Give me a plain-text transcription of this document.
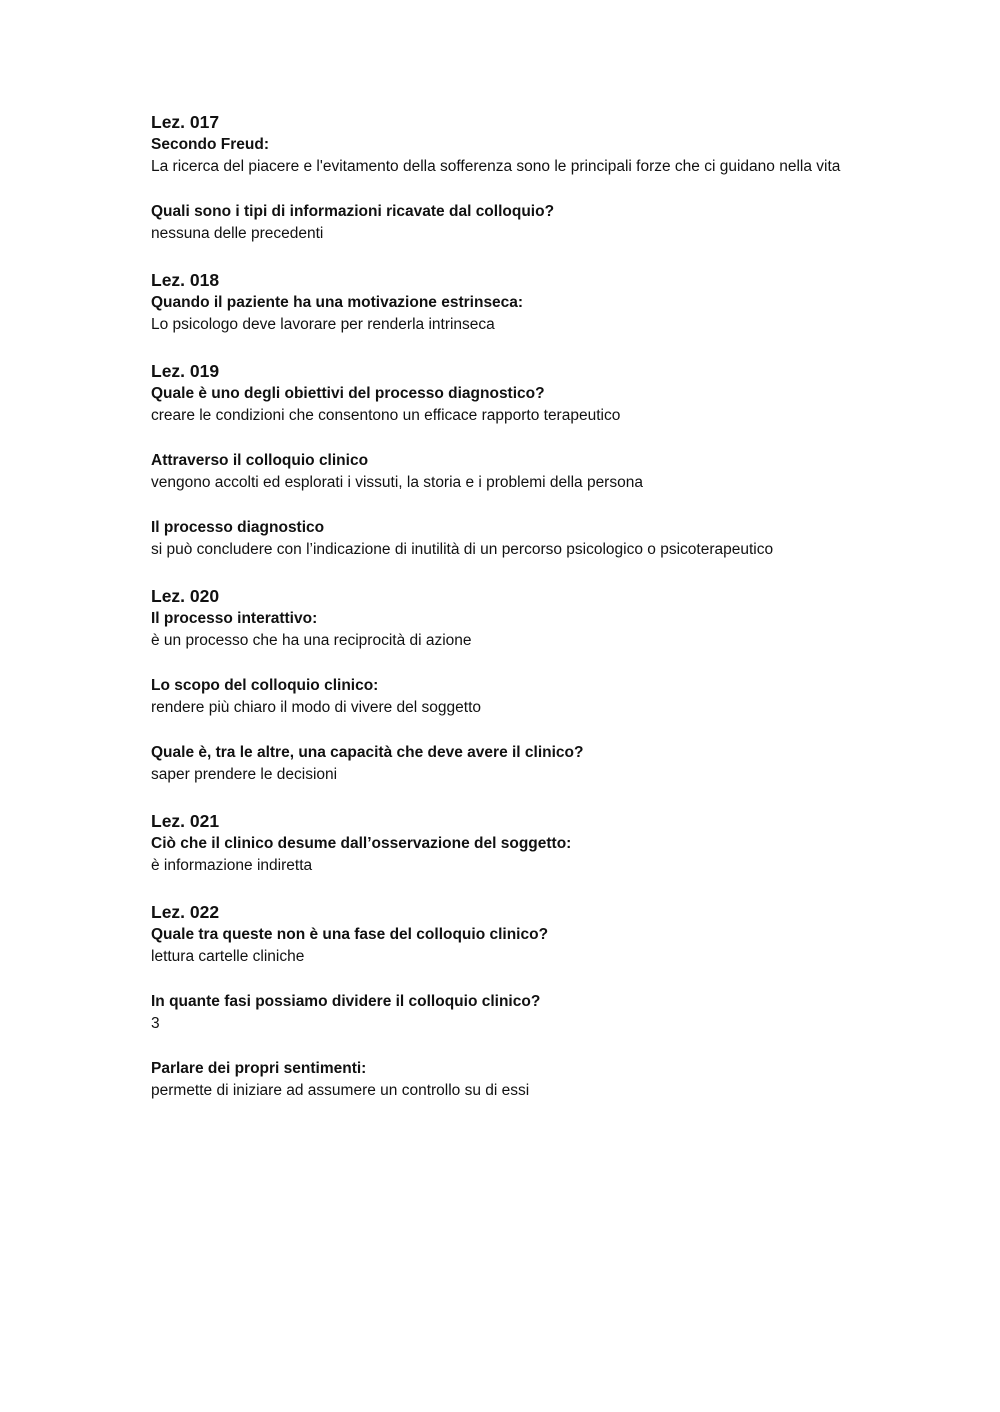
Lez. 017

Secondo Freud:

La ricerca del piacere e l'evitamento della sofferenza sono le principali forze che ci guidano nella vita

Quali sono i tipi di informazioni ricavate dal colloquio?

nessuna delle precedenti

Lez. 018

Quando il paziente ha una motivazione estrinseca:

Lo psicologo deve lavorare per renderla intrinseca

Lez. 019

Quale è uno degli obiettivi del processo diagnostico?

creare le condizioni che consentono un efficace rapporto terapeutico

Attraverso il colloquio clinico

vengono accolti ed esplorati i vissuti, la storia e i problemi della persona

Il processo diagnostico

si può concludere con l’indicazione di inutilità di un percorso psicologico o psicoterapeutico

Lez. 020

Il processo interattivo:

è un processo che ha una reciprocità di azione

Lo scopo del colloquio clinico:

rendere più chiaro il modo di vivere del soggetto

Quale è, tra le altre, una capacità che deve avere il clinico?

saper prendere le decisioni

Lez. 021

Ciò che il clinico desume dall’osservazione del soggetto:

è informazione indiretta

Lez. 022

Quale tra queste non è una fase del colloquio clinico?

lettura cartelle cliniche

In quante fasi possiamo dividere il colloquio clinico?

3

Parlare dei propri sentimenti:

permette di iniziare ad assumere un controllo su di essi
